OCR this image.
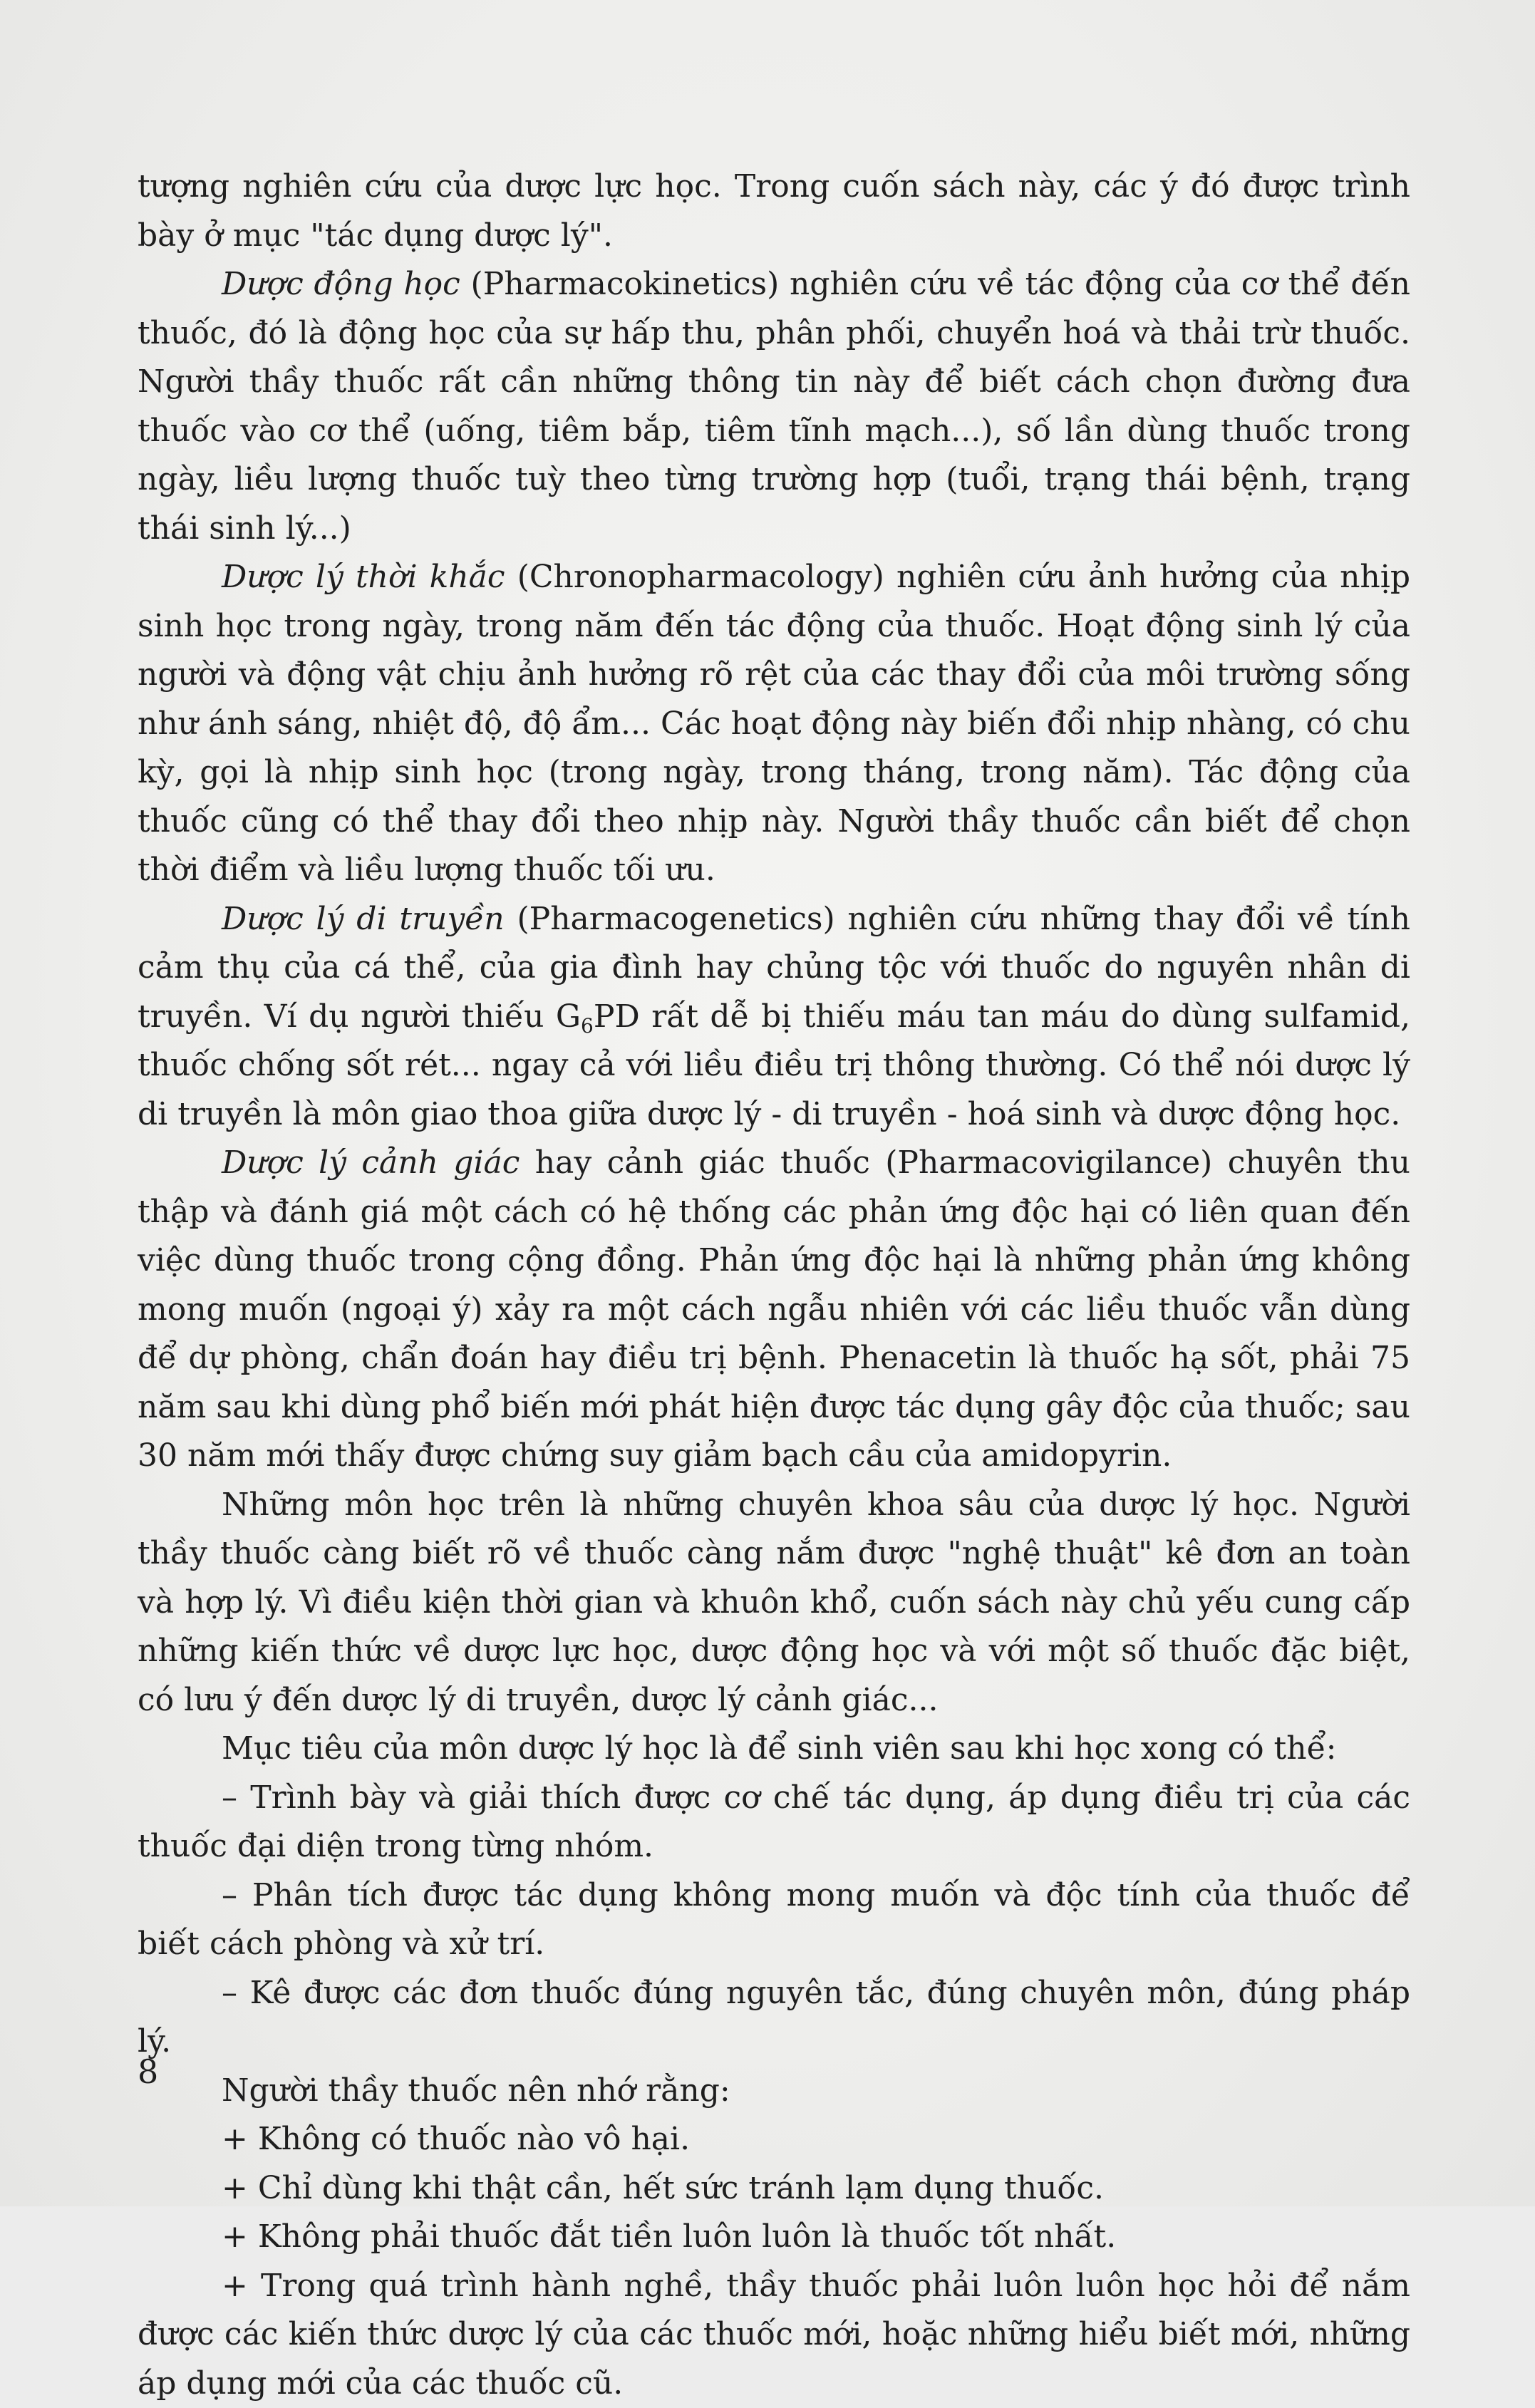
tượng nghiên cứu của dược lực học. Trong cuốn sách này, các ý đó được trình bày ở mục "tác dụng dược lý".

Dược động học (Pharmacokinetics) nghiên cứu về tác động của cơ thể đến thuốc, đó là động học của sự hấp thu, phân phối, chuyển hoá và thải trừ thuốc. Người thầy thuốc rất cần những thông tin này để biết cách chọn đường đưa thuốc vào cơ thể (uống, tiêm bắp, tiêm tĩnh mạch...), số lần dùng thuốc trong ngày, liều lượng thuốc tuỳ theo từng trường hợp (tuổi, trạng thái bệnh, trạng thái sinh lý...)

Dược lý thời khắc (Chronopharmacology) nghiên cứu ảnh hưởng của nhịp sinh học trong ngày, trong năm đến tác động của thuốc. Hoạt động sinh lý của người và động vật chịu ảnh hưởng rõ rệt của các thay đổi của môi trường sống như ánh sáng, nhiệt độ, độ ẩm... Các hoạt động này biến đổi nhịp nhàng, có chu kỳ, gọi là nhịp sinh học (trong ngày, trong tháng, trong năm). Tác động của thuốc cũng có thể thay đổi theo nhịp này. Người thầy thuốc cần biết để chọn thời điểm và liều lượng thuốc tối ưu.

Dược lý di truyền (Pharmacogenetics) nghiên cứu những thay đổi về tính cảm thụ của cá thể, của gia đình hay chủng tộc với thuốc do nguyên nhân di truyền. Ví dụ người thiếu $G_6PD$ rất dễ bị thiếu máu tan máu do dùng sulfamid, thuốc chống sốt rét... ngay cả với liều điều trị thông thường. Có thể nói dược lý di truyền là môn giao thoa giữa dược lý - di truyền - hoá sinh và dược động học.

Dược lý cảnh giác hay cảnh giác thuốc (Pharmacovigilance) chuyên thu thập và đánh giá một cách có hệ thống các phản ứng độc hại có liên quan đến việc dùng thuốc trong cộng đồng. Phản ứng độc hại là những phản ứng không mong muốn (ngoại ý) xảy ra một cách ngẫu nhiên với các liều thuốc vẫn dùng để dự phòng, chẩn đoán hay điều trị bệnh. Phenacetin là thuốc hạ sốt, phải 75 năm sau khi dùng phổ biến mới phát hiện được tác dụng gây độc của thuốc; sau 30 năm mới thấy được chứng suy giảm bạch cầu của amidopyrin.

Những môn học trên là những chuyên khoa sâu của dược lý học. Người thầy thuốc càng biết rõ về thuốc càng nắm được "nghệ thuật" kê đơn an toàn và hợp lý. Vì điều kiện thời gian và khuôn khổ, cuốn sách này chủ yếu cung cấp những kiến thức về dược lực học, dược động học và với một số thuốc đặc biệt, có lưu ý đến dược lý di truyền, dược lý cảnh giác...

Mục tiêu của môn dược lý học là để sinh viên sau khi học xong có thể:

– Trình bày và giải thích được cơ chế tác dụng, áp dụng điều trị của các thuốc đại diện trong từng nhóm.

– Phân tích được tác dụng không mong muốn và độc tính của thuốc để biết cách phòng và xử trí.

– Kê được các đơn thuốc đúng nguyên tắc, đúng chuyên môn, đúng pháp lý.

Người thầy thuốc nên nhớ rằng:

+ Không có thuốc nào vô hại.

+ Chỉ dùng khi thật cần, hết sức tránh lạm dụng thuốc.

+ Không phải thuốc đắt tiền luôn luôn là thuốc tốt nhất.

+ Trong quá trình hành nghề, thầy thuốc phải luôn luôn học hỏi để nắm được các kiến thức dược lý của các thuốc mới, hoặc những hiểu biết mới, những áp dụng mới của các thuốc cũ.

8
